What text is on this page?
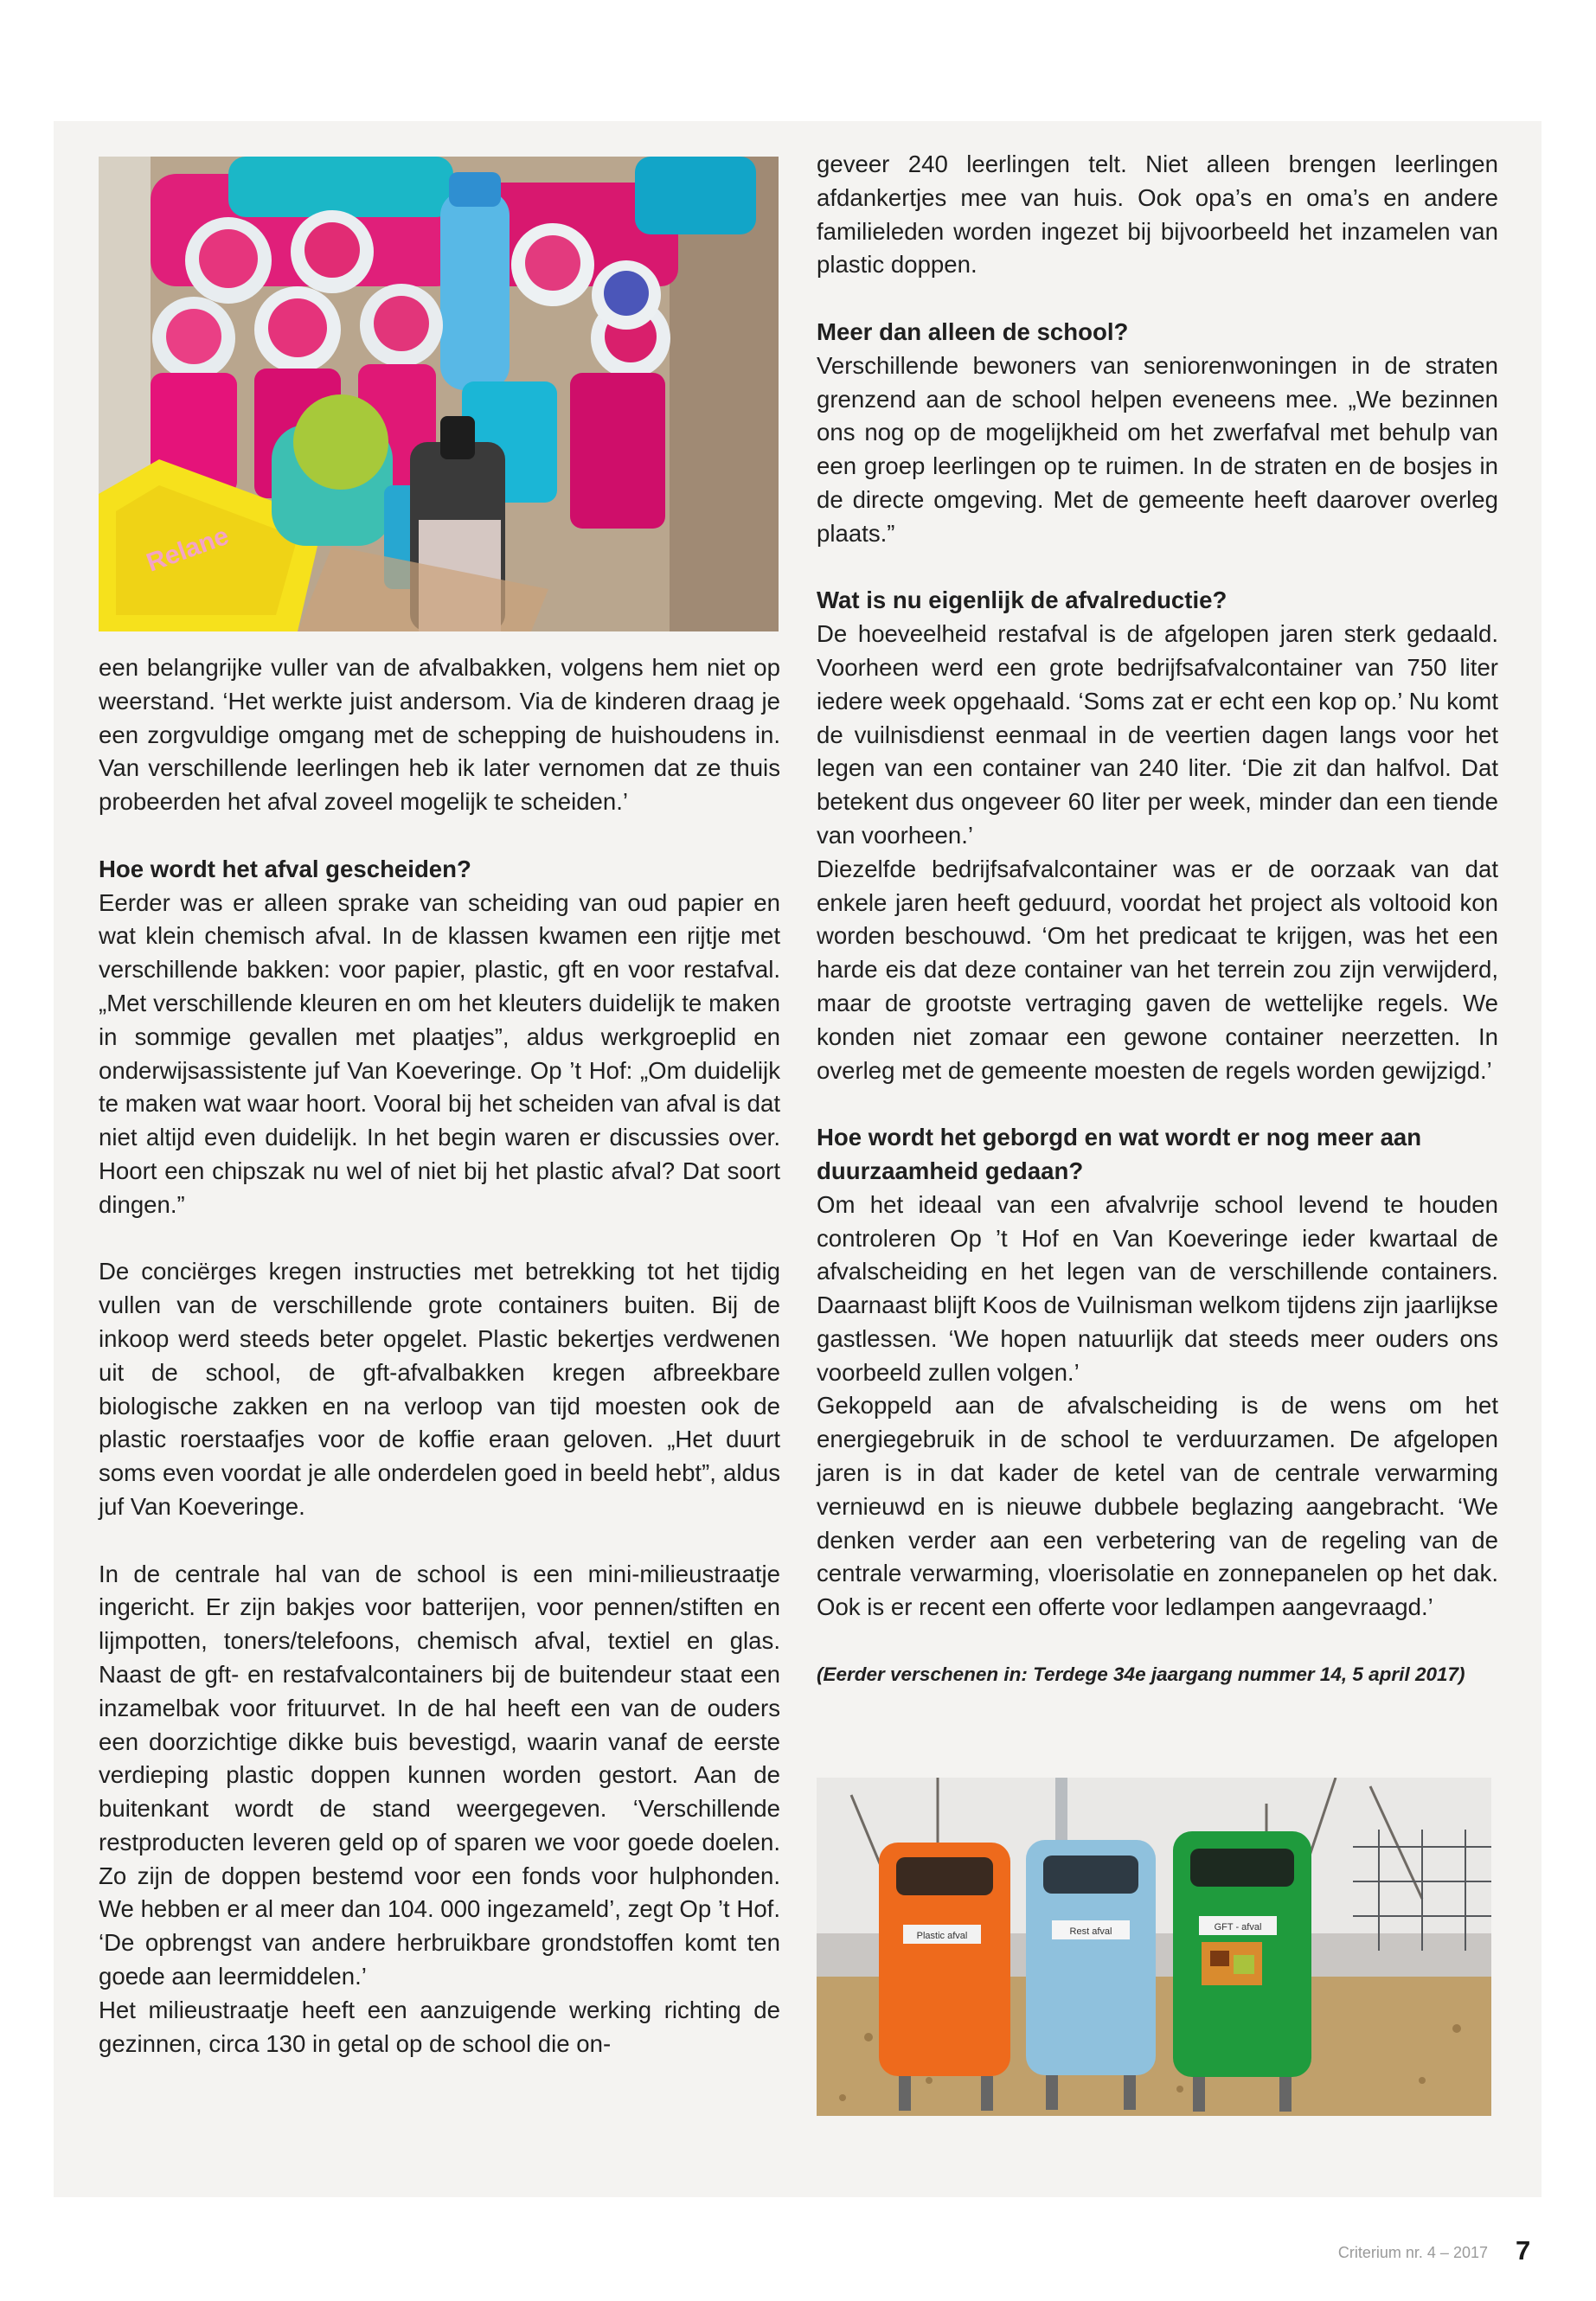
Relane

een belangrijke vuller van de afvalbakken, volgens hem niet op weerstand. ‘Het werkte juist andersom. Via de kinderen draag je een zorgvuldige omgang met de schepping de huishoudens in. Van verschillende leerlingen heb ik later vernomen dat ze thuis probeerden het afval zoveel mogelijk te scheiden.’

Hoe wordt het afval gescheiden?

Eerder was er alleen sprake van scheiding van oud papier en wat klein chemisch afval. In de klassen kwamen een rijtje met verschillende bakken: voor papier, plastic, gft en voor restafval. „Met verschillende kleuren en om het kleuters duidelijk te maken in sommige gevallen met plaatjes”, aldus werkgroeplid en onderwijsassistente juf Van Koeveringe. Op ’t Hof: „Om duidelijk te maken wat waar hoort. Vooral bij het scheiden van afval is dat niet altijd even duidelijk. In het begin waren er discussies over. Hoort een chipszak nu wel of niet bij het plastic afval? Dat soort dingen.”

De conciërges kregen instructies met betrekking tot het tijdig vullen van de verschillende grote containers buiten. Bij de inkoop werd steeds beter opgelet. Plastic bekertjes verdwenen uit de school, de gft-afvalbakken kregen afbreekbare biologische zakken en na verloop van tijd moesten ook de plastic roerstaafjes voor de koffie eraan geloven. „Het duurt soms even voordat je alle onderdelen goed in beeld hebt”, aldus juf Van Koeveringe.

In de centrale hal van de school is een mini-milieustraatje ingericht. Er zijn bakjes voor batterijen, voor pennen/stiften en lijmpotten, toners/telefoons, chemisch afval, textiel en glas. Naast de gft- en restafvalcontainers bij de buitendeur staat een inzamelbak voor frituurvet. In de hal heeft een van de ouders een doorzichtige dikke buis bevestigd, waarin vanaf de eerste verdieping plastic doppen kunnen worden gestort. Aan de buitenkant wordt de stand weergegeven. ‘Verschillende restproducten leveren geld op of sparen we voor goede doelen. Zo zijn de doppen bestemd voor een fonds voor hulphonden. We hebben er al meer dan 104. 000 ingezameld’, zegt Op ’t Hof. ‘De opbrengst van andere herbruikbare grondstoffen komt ten goede aan leermiddelen.’

Het milieustraatje heeft een aanzuigende werking richting de gezinnen, circa 130 in getal op de school die on-

geveer 240 leerlingen telt. Niet alleen brengen leerlingen afdankertjes mee van huis. Ook opa’s en oma’s en andere familieleden worden ingezet bij bijvoorbeeld het inzamelen van plastic doppen.

Meer dan alleen de school?

Verschillende bewoners van seniorenwoningen in de straten grenzend aan de school helpen eveneens mee. „We bezinnen ons nog op de mogelijkheid om het zwerfafval met behulp van een groep leerlingen op te ruimen. In de straten en de bosjes in de directe omgeving. Met de gemeente heeft daarover overleg plaats.”

Wat is nu eigenlijk de afvalreductie?

De hoeveelheid restafval is de afgelopen jaren sterk gedaald. Voorheen werd een grote bedrijfsafvalcontainer van 750 liter iedere week opgehaald. ‘Soms zat er echt een kop op.’ Nu komt de vuilnisdienst eenmaal in de veertien dagen langs voor het legen van een container van 240 liter. ‘Die zit dan halfvol. Dat betekent dus ongeveer 60 liter per week, minder dan een tiende van voorheen.’

Diezelfde bedrijfsafvalcontainer was er de oorzaak van dat enkele jaren heeft geduurd, voordat het project als voltooid kon worden beschouwd. ‘Om het predicaat te krijgen, was het een harde eis dat deze container van het terrein zou zijn verwijderd, maar de grootste vertraging gaven de wettelijke regels. We konden niet zomaar een gewone container neerzetten. In overleg met de gemeente moesten de regels worden gewijzigd.’

Hoe wordt het geborgd en wat wordt er nog meer aan duurzaamheid gedaan?

Om het ideaal van een afvalvrije school levend te houden controleren Op ’t Hof en Van Koeveringe ieder kwartaal de afvalscheiding en het legen van de verschillende containers. Daarnaast blijft Koos de Vuilnisman welkom tijdens zijn jaarlijkse gastlessen. ‘We hopen natuurlijk dat steeds meer ouders ons voorbeeld zullen volgen.’

Gekoppeld aan de afvalscheiding is de wens om het energiegebruik in de school te verduurzamen. De afgelopen jaren is in dat kader de ketel van de centrale verwarming vernieuwd en is nieuwe dubbele beglazing aangebracht. ‘We denken verder aan een verbetering van de regeling van de centrale verwarming, vloerisolatie en zonnepanelen op het dak. Ook is er recent een offerte voor ledlampen aangevraagd.’

(Eerder verschenen in: Terdege 34e jaargang nummer 14, 5 april 2017)

Plastic afval	Rest afval	GFT - afval
Criterium nr. 4 – 2017 7
